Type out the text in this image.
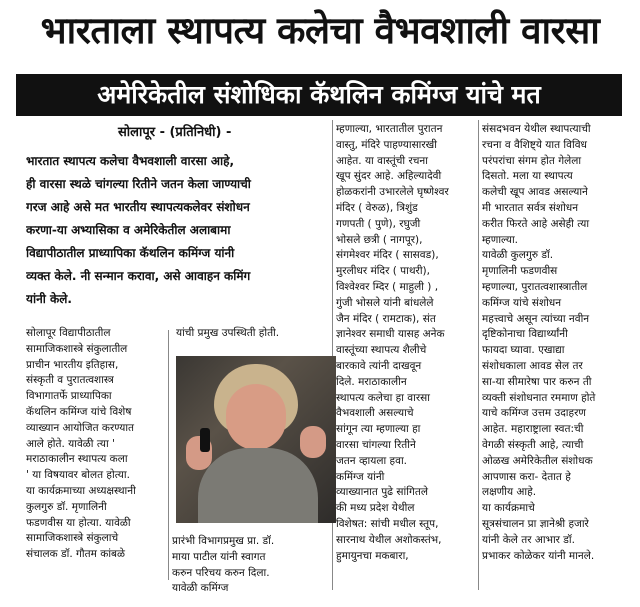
भारताला स्थापत्य कलेचा वैभवशाली वारसा
अमेरिकेतील संशोधिका कॅथलिन कमिंग्ज यांचे मत
सोलापूर - (प्रतिनिधी) -
भारतात स्थापत्य कलेचा वैभवशाली वारसा आहे,
ही वारसा स्थळे चांगल्या रितीने जतन केला जाण्याची
गरज आहे असे मत भारतीय स्थापत्यकलेवर संशोधन
करणा-या अभ्यासिका व अमेरिकेतील अलाबामा
विद्यापीठातील प्राध्यापिका कॅथलिन कमिंग्ज यांनी
व्यक्त केले. नी सन्मान करावा, असे आवाहन कमिंग
यांनी केले.
सोलापूर विद्यापीठातील
सामाजिकशास्त्रे संकुलातील
प्राचीन भारतीय इतिहास,
संस्कृती व पुरातत्वशास्त्र
विभागातर्फे प्राध्यापिका
कॅथलिन कमिंग्ज यांचे विशेष
व्याख्यान आयोजित करण्यात
आले होते. यावेळी त्या '
मराठाकालीन स्थापत्य कला
' या विषयावर बोलत होत्या.
या कार्यक्रमाच्या अध्यक्षस्थानी
कुलगुरु डॉ. मृणालिनी
फडणवीस या होत्या. यावेळी
सामाजिकशास्त्रे संकुलाचे
संचालक डॉ. गौतम कांबळे
यांची प्रमुख उपस्थिती होती.
प्रारंभी विभागप्रमुख प्रा. डॉ.
माया पाटील यांनी स्वागत
करुन परिचय करुन दिला.
यावेळी कमिंग्ज
म्हणाल्या, भारतातील पुरातन
वास्तु, मंदिरे पाहण्यासारखी
आहेत. या वास्तूंची रचना
खूप सुंदर आहे. अहिल्यादेवी
होळकरांनी उभारलेले घृष्णेश्वर
मंदिर ( वेरुळ), त्रिशुंड
गणपती ( पुणे), रघुजी
भोसले छत्री ( नागपूर),
संगमेश्वर मंदिर ( सासवड),
मुरलीधर मंदिर ( पाथरी),
विश्वेश्वर म्दिर ( माहुली ) ,
गुंजी भोसले यांनी बांधलेले
जैन मंदिर ( रामटाक), संत
ज्ञानेश्वर समाधी यासह अनेक
वास्तूंच्या स्थापत्य शैलीचे
बारकावे त्यांनी दाखवून
दिले. मराठाकालीन
स्थापत्य कलेचा हा वारसा
वैभवशाली असल्याचे
सांगून त्या म्हणाल्या हा
वारसा चांगल्या रितीने
जतन व्हायला हवा.
कमिंग्ज यांनी
व्याख्यानात पुढे सांगितले
की मध्य प्रदेश येथील
विशेषत: सांची मधील स्तूप,
सारनाथ येथील अशोकस्तंभ,
हुमायुनचा मकबारा,
संसदभवन येथील स्थापत्याची
रचना व वैशिष्ट्ये यात विविध
परंपरांचा संगम होत गेलेला
दिसतो. मला या स्थापत्य
कलेची खूप आवड असल्याने
मी भारतात सर्वत्र संशोधन
करीत फिरते आहे असेही त्या
म्हणाल्या.
यावेळी कुलगुरु डॉ.
मृणालिनी फडणवीस
म्हणाल्या, पुरातत्वशास्त्रातील
कमिंग्ज यांचे संशोधन
महत्त्वाचे असून त्यांच्या नवीन
दृष्टिकोनाचा विद्यार्थ्यांनी
फायदा घ्यावा. एखाद्या
संशोधकाला आवड सेल तर
सा-या सीमारेषा पार करुन ती
व्यक्ती संशोधनात रममाण होते
याचे कमिंग्ज उत्तम उदाहरण
आहेत. महाराष्ट्राला स्वत:ची
वेगळी संस्कृती आहे, त्याची
ओळख अमेरिकेतील संशोधक
आपणास करा- देतात हे
लक्षणीय आहे.
या कार्यक्रमाचे
सूत्रसंचालन प्रा ज्ञानेश्री हजारे
यांनी केले तर आभार डॉ.
प्रभाकर कोळेकर यांनी मानले.
